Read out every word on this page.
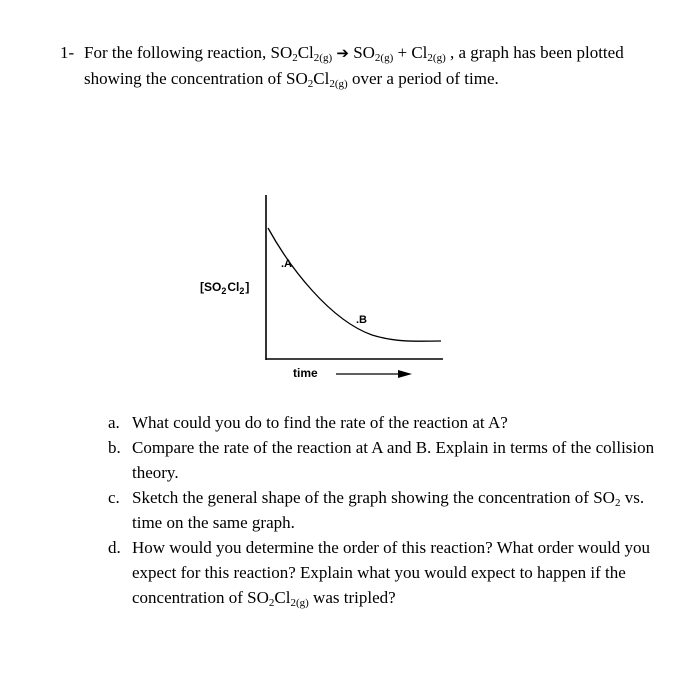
1- For the following reaction, $SO_2Cl_{2(g)}$ ➔ $SO_{2(g)} + Cl_{2(g)}$ , a graph has been plotted showing the concentration of $SO_2Cl_{2(g)}$ over a period of time.
$[SO_2Cl_2]$
.A
.B
time
a. What could you do to find the rate of the reaction at A?
b. Compare the rate of the reaction at A and B. Explain in terms of the collision theory.
c. Sketch the general shape of the graph showing the concentration of $SO_2$ vs. time on the same graph.
d. How would you determine the order of this reaction? What order would you expect for this reaction? Explain what you would expect to happen if the concentration of $SO_2Cl_{2(g)}$ was tripled?
